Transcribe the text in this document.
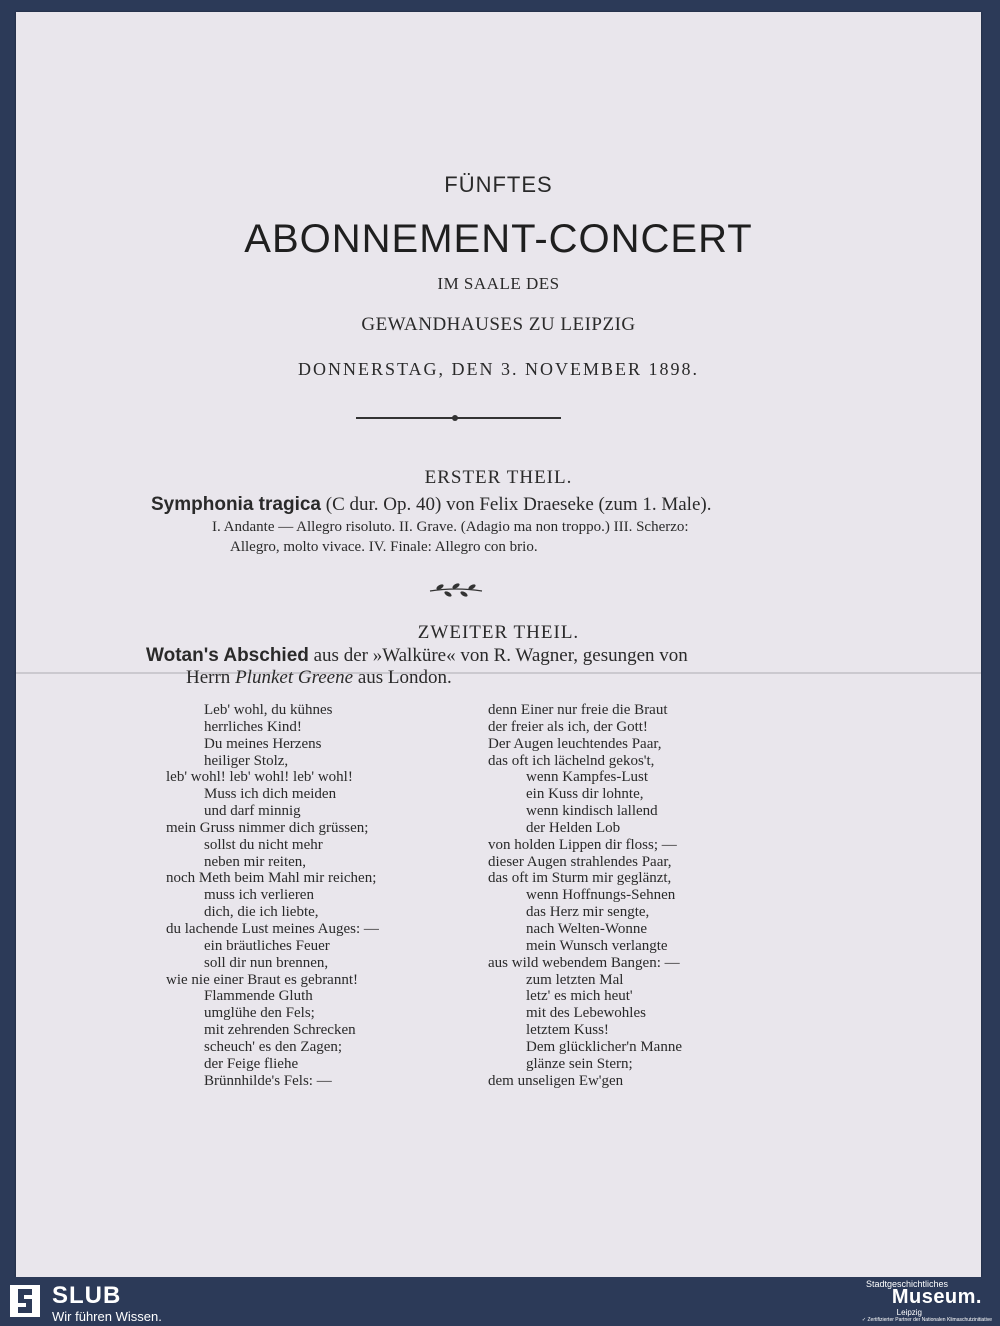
FÜNFTES
ABONNEMENT-CONCERT
IM SAALE DES
GEWANDHAUSES ZU LEIPZIG
DONNERSTAG, DEN 3. NOVEMBER 1898.
ERSTER THEIL.
Symphonia tragica (C dur. Op. 40) von Felix Draeseke (zum 1. Male).
I. Andante — Allegro risoluto. II. Grave. (Adagio ma non troppo.) III. Scherzo:
Allegro, molto vivace. IV. Finale: Allegro con brio.
ZWEITER THEIL.
Wotan's Abschied aus der »Walküre« von R. Wagner, gesungen von
Herrn Plunket Greene aus London.
Leb' wohl, du kühnes
herrliches Kind!
Du meines Herzens
heiliger Stolz,
leb' wohl! leb' wohl! leb' wohl!
Muss ich dich meiden
und darf minnig
mein Gruss nimmer dich grüssen;
sollst du nicht mehr
neben mir reiten,
noch Meth beim Mahl mir reichen;
muss ich verlieren
dich, die ich liebte,
du lachende Lust meines Auges: —
ein bräutliches Feuer
soll dir nun brennen,
wie nie einer Braut es gebrannt!
Flammende Gluth
umglühe den Fels;
mit zehrenden Schrecken
scheuch' es den Zagen;
der Feige fliehe
Brünnhilde's Fels: —
denn Einer nur freie die Braut
der freier als ich, der Gott!
Der Augen leuchtendes Paar,
das oft ich lächelnd gekos't,
wenn Kampfes-Lust
ein Kuss dir lohnte,
wenn kindisch lallend
der Helden Lob
von holden Lippen dir floss; —
dieser Augen strahlendes Paar,
das oft im Sturm mir geglänzt,
wenn Hoffnungs-Sehnen
das Herz mir sengte,
nach Welten-Wonne
mein Wunsch verlangte
aus wild webendem Bangen: —
zum letzten Mal
letz' es mich heut'
mit des Lebewohles
letztem Kuss!
Dem glücklicher'n Manne
glänze sein Stern;
dem unseligen Ew'gen
SLUB
Wir führen Wissen.
Stadtgeschichtliches
Museum.
Leipzig
✓ Zertifizierter Partner der Nationalen Klimaschutzinitiative
